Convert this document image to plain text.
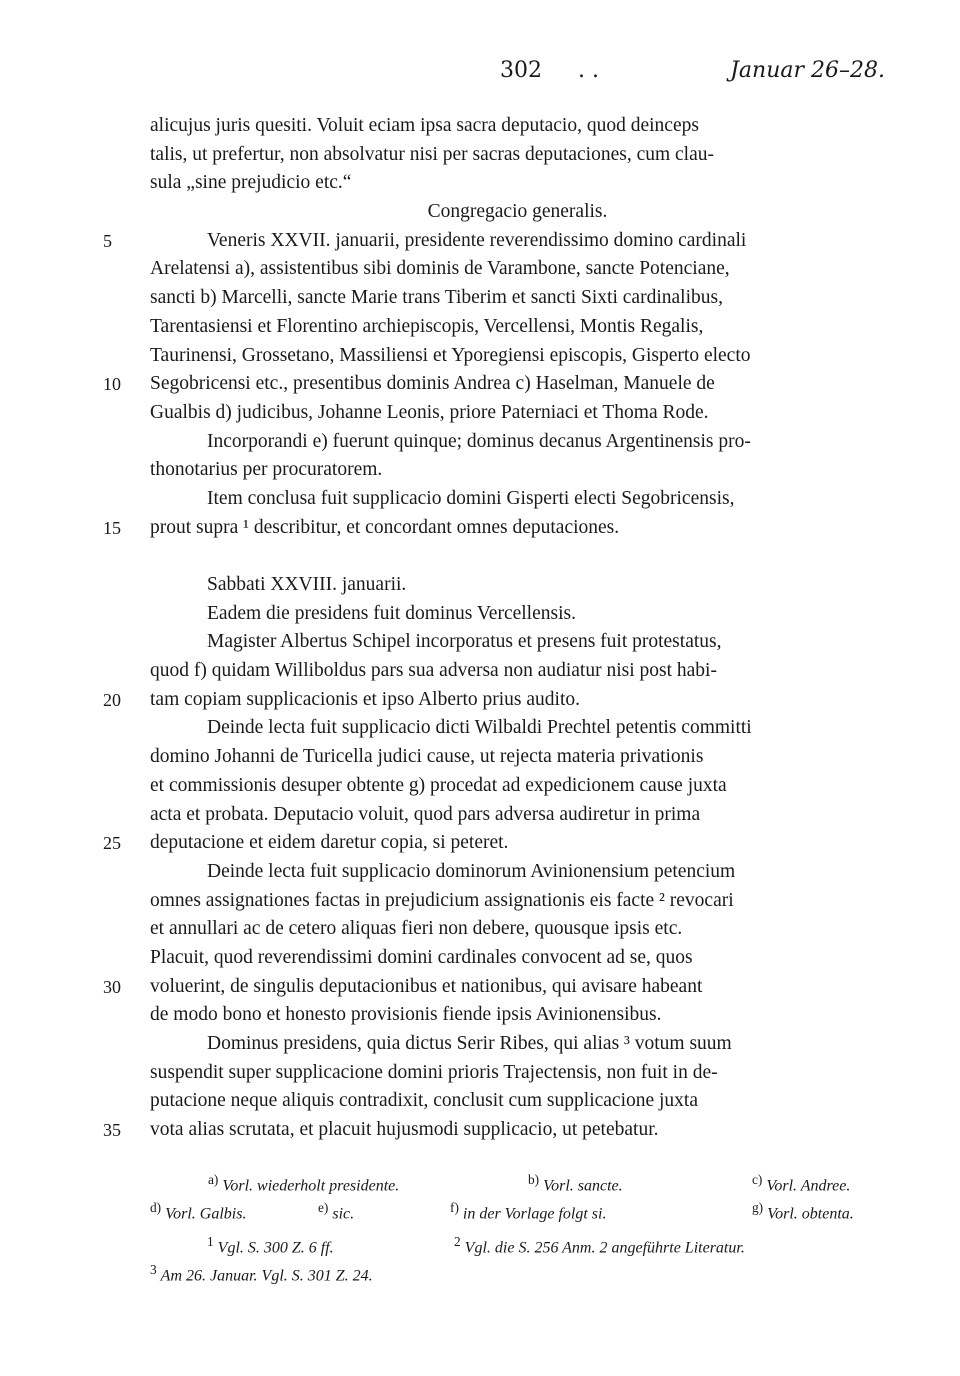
302 . .	Januar 26–28.
alicujus juris quesiti. Voluit eciam ipsa sacra deputacio, quod deinceps
talis, ut prefertur, non absolvatur nisi per sacras deputaciones, cum clau-
sula „sine prejudicio etc.“
Congregacio generalis.
5	Veneris XXVII. januarii, presidente reverendissimo domino cardinali
Arelatensi a), assistentibus sibi dominis de Varambone, sancte Potenciane,
sancti b) Marcelli, sancte Marie trans Tiberim et sancti Sixti cardinalibus,
Tarentasiensi et Florentino archiepiscopis, Vercellensi, Montis Regalis,
Taurinensi, Grossetano, Massiliensi et Yporegiensi episcopis, Gisperto electo
10	Segobricensi etc., presentibus dominis Andrea c) Haselman, Manuele de
Gualbis d) judicibus, Johanne Leonis, priore Paterniaci et Thoma Rode.
Incorporandi e) fuerunt quinque; dominus decanus Argentinensis pro-
thonotarius per procuratorem.
Item conclusa fuit supplicacio domini Gisperti electi Segobricensis,
15	prout supra ¹ describitur, et concordant omnes deputaciones.
Sabbati XXVIII. januarii.
Eadem die presidens fuit dominus Vercellensis.
Magister Albertus Schipel incorporatus et presens fuit protestatus,
quod f) quidam Williboldus pars sua adversa non audiatur nisi post habi-
20	tam copiam supplicacionis et ipso Alberto prius audito.
Deinde lecta fuit supplicacio dicti Wilbaldi Prechtel petentis committi
domino Johanni de Turicella judici cause, ut rejecta materia privationis
et commissionis desuper obtente g) procedat ad expedicionem cause juxta
acta et probata. Deputacio voluit, quod pars adversa audiretur in prima
25	deputacione et eidem daretur copia, si peteret.
Deinde lecta fuit supplicacio dominorum Avinionensium petencium
omnes assignationes factas in prejudicium assignationis eis facte ² revocari
et annullari ac de cetero aliquas fieri non debere, quousque ipsis etc.
Placuit, quod reverendissimi domini cardinales convocent ad se, quos
30	voluerint, de singulis deputacionibus et nationibus, qui avisare habeant
de modo bono et honesto provisionis fiende ipsis Avinionensibus.
Dominus presidens, quia dictus Serir Ribes, qui alias ³ votum suum
suspendit super supplicacione domini prioris Trajectensis, non fuit in de-
putacione neque aliquis contradixit, conclusit cum supplicacione juxta
35	vota alias scrutata, et placuit hujusmodi supplicacio, ut petebatur.
$^{a)}$ Vorl. wiederholt presidente.	$^{b)}$ Vorl. sancte.	$^{c)}$ Vorl. Andree.
$^{d)}$ Vorl. Galbis.	$^{e)}$ sic.	$^{f)}$ in der Vorlage folgt si.	$^{g)}$ Vorl. obtenta.
$^1$ Vgl. S. 300 Z. 6 ff.	$^2$ Vgl. die S. 256 Anm. 2 angeführte Literatur.
$^3$ Am 26. Januar. Vgl. S. 301 Z. 24.
